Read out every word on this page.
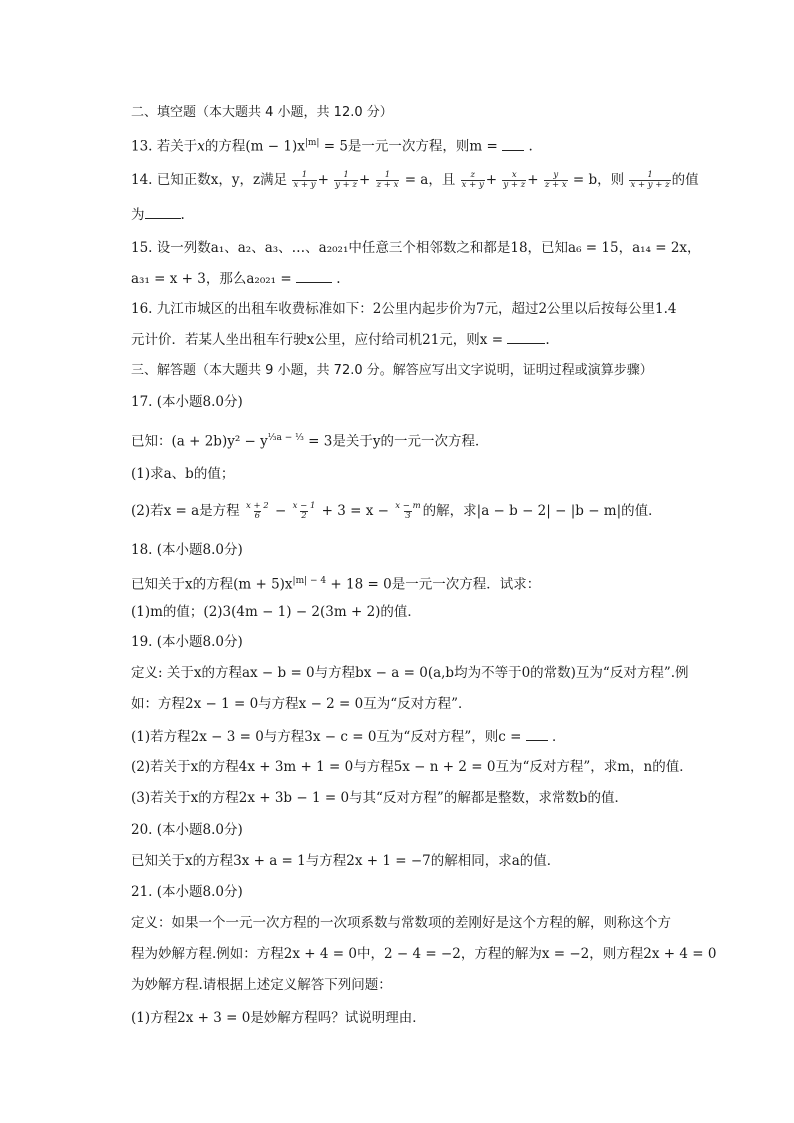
二、填空题（本大题共 4 小题，共 12.0 分）
13. 若关于x的方程$(m - 1)x^{|m|} = 5$是一元一次方程，则m =  .
14. 已知正数x，y，z满足 $\frac{1}{x + y} + \frac{1}{y + z} + \frac{1}{z + x} = a$，且 $\frac{z}{x + y} + \frac{x}{y + z} + \frac{y}{z + x} = b$，则 $\frac{1}{x + y + z}$ 的值
为	.
15. 设一列数a₁、a₂、a₃、…、a₂₀₂₁中任意三个相邻数之和都是18，已知a₆ = 15，a₁₄ = 2x，
a₃₁ = x + 3，那么a₂₀₂₁ =	.
16. 九江市城区的出租车收费标准如下：2公里内起步价为7元，超过2公里以后按每公里1.4
元计价．若某人坐出租车行驶x公里，应付给司机21元，则x =	.
三、解答题（本大题共 9 小题，共 72.0 分。解答应写出文字说明，证明过程或演算步骤）
17. (本小题8.0分)
已知：$(a + 2b)y^2 - y^{\frac{1}{3}a - \frac{1}{3}} = 3$是关于y的一元一次方程．
(1)求a、b的值；
(2)若x = a是方程 $\frac{x + 2}{6} - \frac{x - 1}{2} + 3 = x - \frac{x - m}{3}$ 的解，求|a − b − 2| − |b − m|的值．
18. (本小题8.0分)
已知关于x的方程$(m + 5)x^{|m| - 4} + 18 = 0$是一元一次方程．试求：
(1)m的值；(2)3(4m − 1) − 2(3m + 2)的值．
19. (本小题8.0分)
定义: 关于x的方程ax − b = 0与方程bx − a = 0(a,b均为不等于0的常数)互为“反对方程”.例
如：方程2x − 1 = 0与方程x − 2 = 0互为“反对方程”．
(1)若方程2x − 3 = 0与方程3x − c = 0互为“反对方程”，则c =  ．
(2)若关于x的方程4x + 3m + 1 = 0与方程5x − n + 2 = 0互为“反对方程”，求m，n的值．
(3)若关于x的方程2x + 3b − 1 = 0与其“反对方程”的解都是整数，求常数b的值．
20. (本小题8.0分)
已知关于x的方程3x + a = 1与方程2x + 1 = −7的解相同，求a的值．
21. (本小题8.0分)
定义：如果一个一元一次方程的一次项系数与常数项的差刚好是这个方程的解，则称这个方
程为妙解方程.例如：方程2x + 4 = 0中，2 − 4 = −2，方程的解为x = −2，则方程2x + 4 = 0
为妙解方程.请根据上述定义解答下列问题：
(1)方程2x + 3 = 0是妙解方程吗？试说明理由．
